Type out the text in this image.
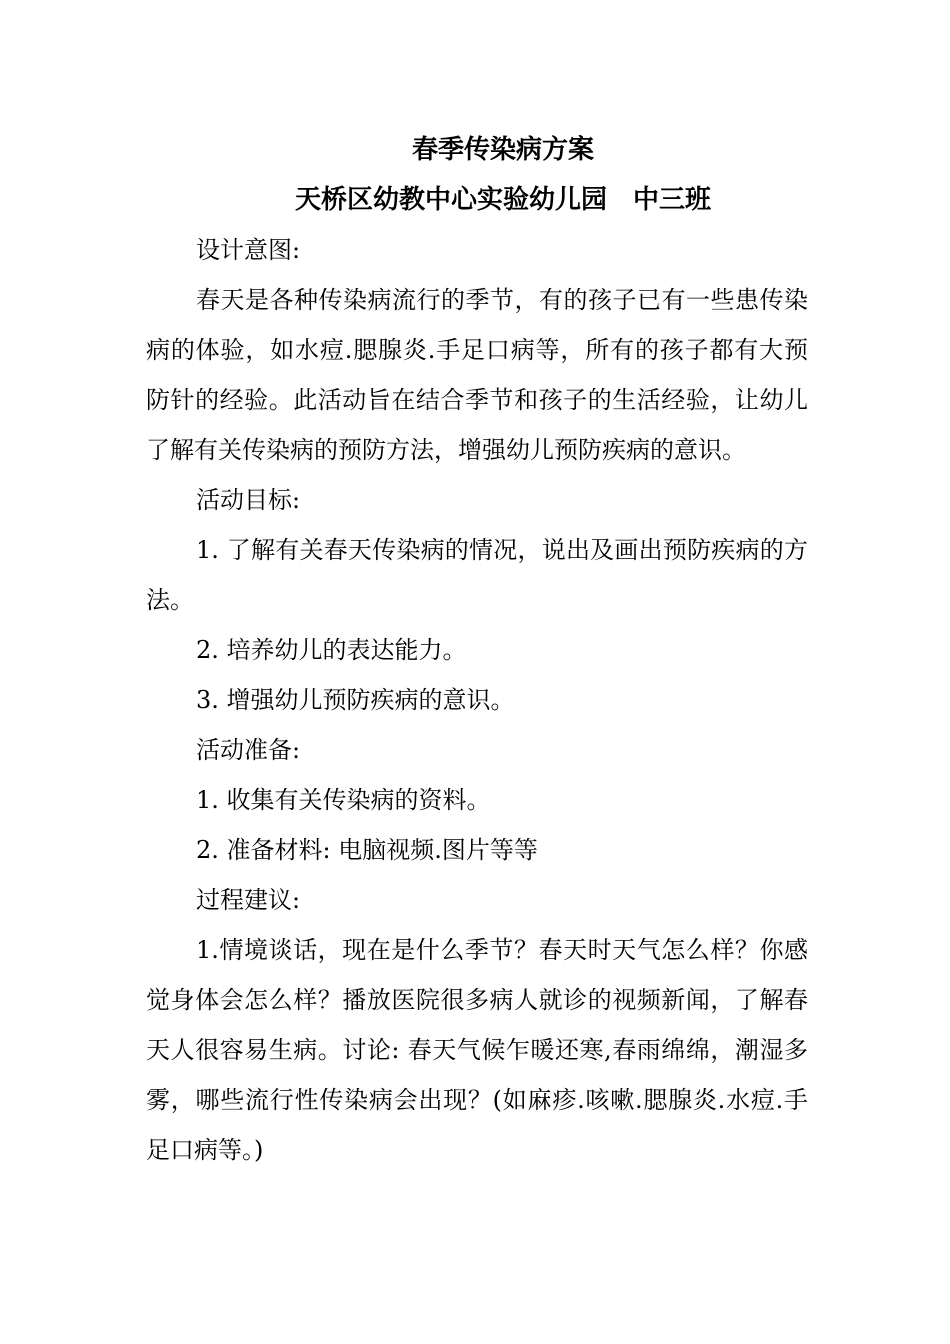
春季传染病方案
天桥区幼教中心实验幼儿园　中三班

设计意图:

春天是各种传染病流行的季节，有的孩子已有一些患传染病的体验，如水痘.腮腺炎.手足口病等，所有的孩子都有大预防针的经验。此活动旨在结合季节和孩子的生活经验，让幼儿了解有关传染病的预防方法，增强幼儿预防疾病的意识。

活动目标:

1. 了解有关春天传染病的情况，说出及画出预防疾病的方法。

2. 培养幼儿的表达能力。

3. 增强幼儿预防疾病的意识。

活动准备:

1. 收集有关传染病的资料。

2. 准备材料: 电脑视频.图片等等

过程建议:

1.情境谈话，现在是什么季节？春天时天气怎么样？你感觉身体会怎么样？播放医院很多病人就诊的视频新闻，了解春天人很容易生病。讨论: 春天气候乍暖还寒,春雨绵绵，潮湿多雾，哪些流行性传染病会出现？(如麻疹.咳嗽.腮腺炎.水痘.手足口病等。)
